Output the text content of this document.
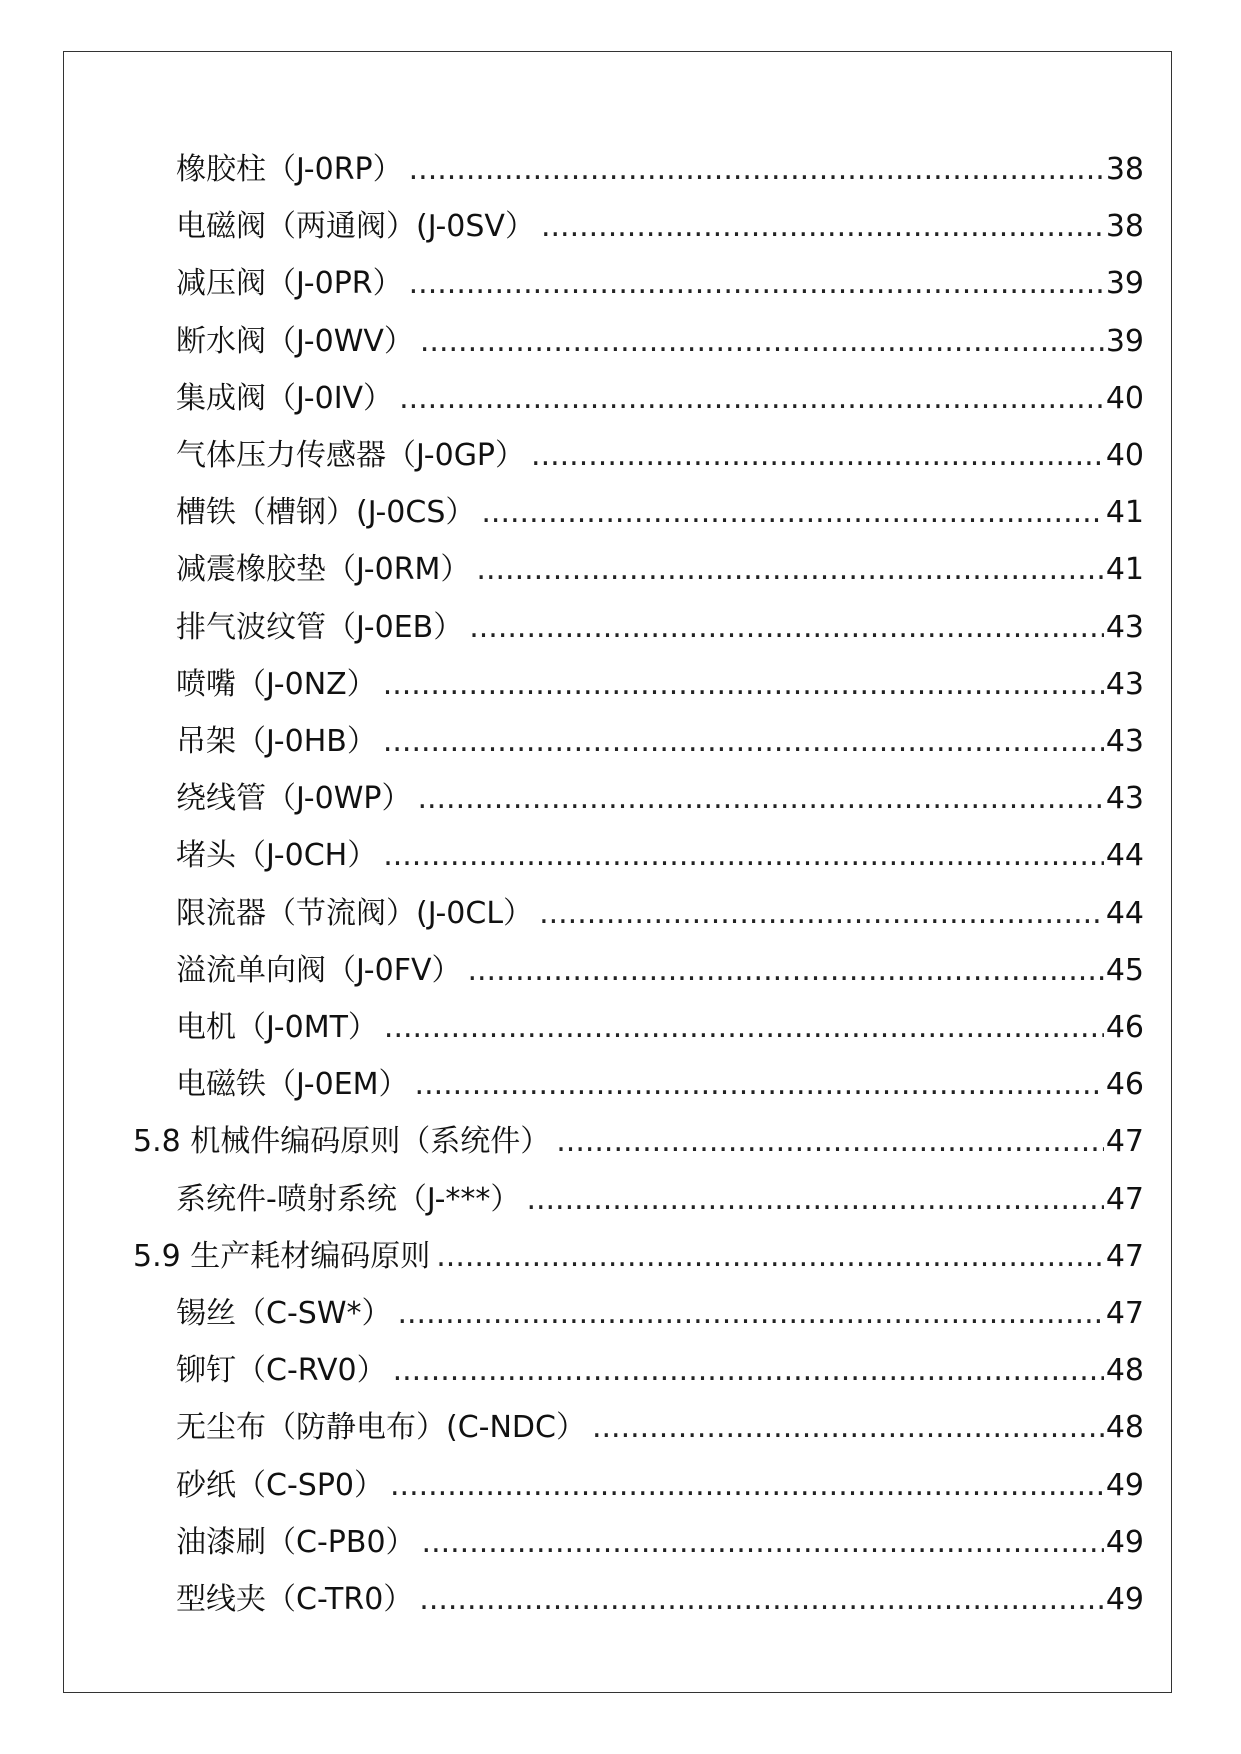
橡胶柱（J-0RP） .....	38
电磁阀（两通阀）(J-0SV） .....	38
减压阀（J-0PR） .....	39
断水阀（J-0WV） .....	39
集成阀（J-0IV） .....	40
气体压力传感器（J-0GP） .....	40
槽铁（槽钢）(J-0CS） .....	41
减震橡胶垫（J-0RM） .....	41
排气波纹管（J-0EB） .....	43
喷嘴（J-0NZ） .....	43
吊架（J-0HB） .....	43
绕线管（J-0WP） .....	43
堵头（J-0CH） .....	44
限流器（节流阀）(J-0CL） .....	44
溢流单向阀（J-0FV） .....	45
电机（J-0MT） .....	46
电磁铁（J-0EM） .....	46
5.8 机械件编码原则（系统件） .....	47
系统件-喷射系统（J-***） .....	47
5.9 生产耗材编码原则 .....	47
锡丝（C-SW*） .....	47
铆钉（C-RV0） .....	48
无尘布（防静电布）(C-NDC） .....	48
砂纸（C-SP0） .....	49
油漆刷（C-PB0） .....	49
型线夹（C-TR0） .....	49
